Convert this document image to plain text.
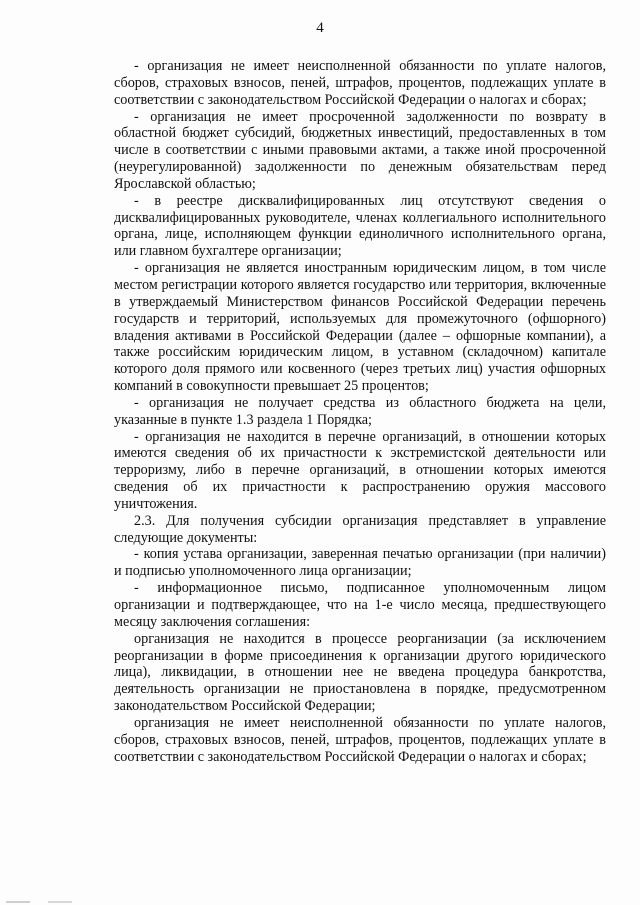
4

- организация не имеет неисполненной обязанности по уплате налогов, сборов, страховых взносов, пеней, штрафов, процентов, подлежащих уплате в соответствии с законодательством Российской Федерации о налогах и сборах;

- организация не имеет просроченной задолженности по возврату в областной бюджет субсидий, бюджетных инвестиций, предоставленных в том числе в соответствии с иными правовыми актами, а также иной просроченной (неурегулированной) задолженности по денежным обязательствам перед Ярославской областью;

- в реестре дисквалифицированных лиц отсутствуют сведения о дисквалифицированных руководителе, членах коллегиального исполнительного органа, лице, исполняющем функции единоличного исполнительного органа, или главном бухгалтере организации;

- организация не является иностранным юридическим лицом, в том числе местом регистрации которого является государство или территория, включенные в утверждаемый Министерством финансов Российской Федерации перечень государств и территорий, используемых для промежуточного (офшорного) владения активами в Российской Федерации (далее – офшорные компании), а также российским юридическим лицом, в уставном (складочном) капитале которого доля прямого или косвенного (через третьих лиц) участия офшорных компаний в совокупности превышает 25 процентов;

- организация не получает средства из областного бюджета на цели, указанные в пункте 1.3 раздела 1 Порядка;

- организация не находится в перечне организаций, в отношении которых имеются сведения об их причастности к экстремистской деятельности или терроризму, либо в перечне организаций, в отношении которых имеются сведения об их причастности к распространению оружия массового уничтожения.

2.3. Для получения субсидии организация представляет в управление следующие документы:

- копия устава организации, заверенная печатью организации (при наличии) и подписью уполномоченного лица организации;

- информационное письмо, подписанное уполномоченным лицом организации и подтверждающее, что на 1-е число месяца, предшествующего месяцу заключения соглашения:

организация не находится в процессе реорганизации (за исключением реорганизации в форме присоединения к организации другого юридического лица), ликвидации, в отношении нее не введена процедура банкротства, деятельность организации не приостановлена в порядке, предусмотренном законодательством Российской Федерации;

организация не имеет неисполненной обязанности по уплате налогов, сборов, страховых взносов, пеней, штрафов, процентов, подлежащих уплате в соответствии с законодательством Российской Федерации о налогах и сборах;
